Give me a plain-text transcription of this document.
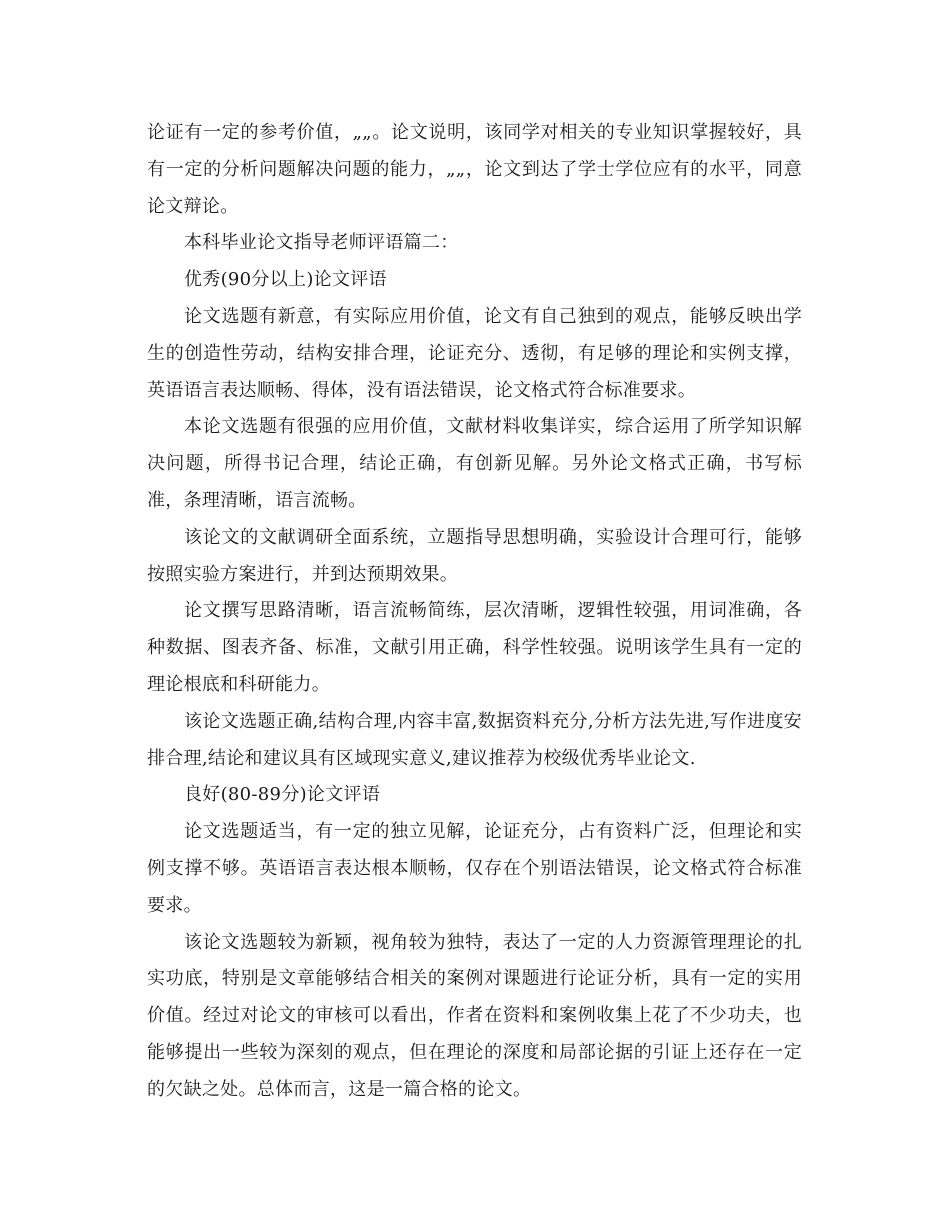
论证有一定的参考价值，„„。论文说明，该同学对相关的专业知识掌握较好，具有一定的分析问题解决问题的能力，„„，论文到达了学士学位应有的水平，同意论文辩论。

本科毕业论文指导老师评语篇二：

优秀(90分以上)论文评语

论文选题有新意，有实际应用价值，论文有自己独到的观点，能够反映出学生的创造性劳动，结构安排合理，论证充分、透彻，有足够的理论和实例支撑，英语语言表达顺畅、得体，没有语法错误，论文格式符合标准要求。

本论文选题有很强的应用价值，文献材料收集详实，综合运用了所学知识解决问题，所得书记合理，结论正确，有创新见解。另外论文格式正确，书写标准，条理清晰，语言流畅。

该论文的文献调研全面系统，立题指导思想明确，实验设计合理可行，能够按照实验方案进行，并到达预期效果。

论文撰写思路清晰，语言流畅简练，层次清晰，逻辑性较强，用词准确，各种数据、图表齐备、标准，文献引用正确，科学性较强。说明该学生具有一定的理论根底和科研能力。

该论文选题正确,结构合理,内容丰富,数据资料充分,分析方法先进,写作进度安排合理,结论和建议具有区域现实意义,建议推荐为校级优秀毕业论文.

良好(80-89分)论文评语

论文选题适当，有一定的独立见解，论证充分，占有资料广泛，但理论和实例支撑不够。英语语言表达根本顺畅，仅存在个别语法错误，论文格式符合标准要求。

该论文选题较为新颖，视角较为独特，表达了一定的人力资源管理理论的扎实功底，特别是文章能够结合相关的案例对课题进行论证分析，具有一定的实用价值。经过对论文的审核可以看出，作者在资料和案例收集上花了不少功夫，也能够提出一些较为深刻的观点，但在理论的深度和局部论据的引证上还存在一定的欠缺之处。总体而言，这是一篇合格的论文。
